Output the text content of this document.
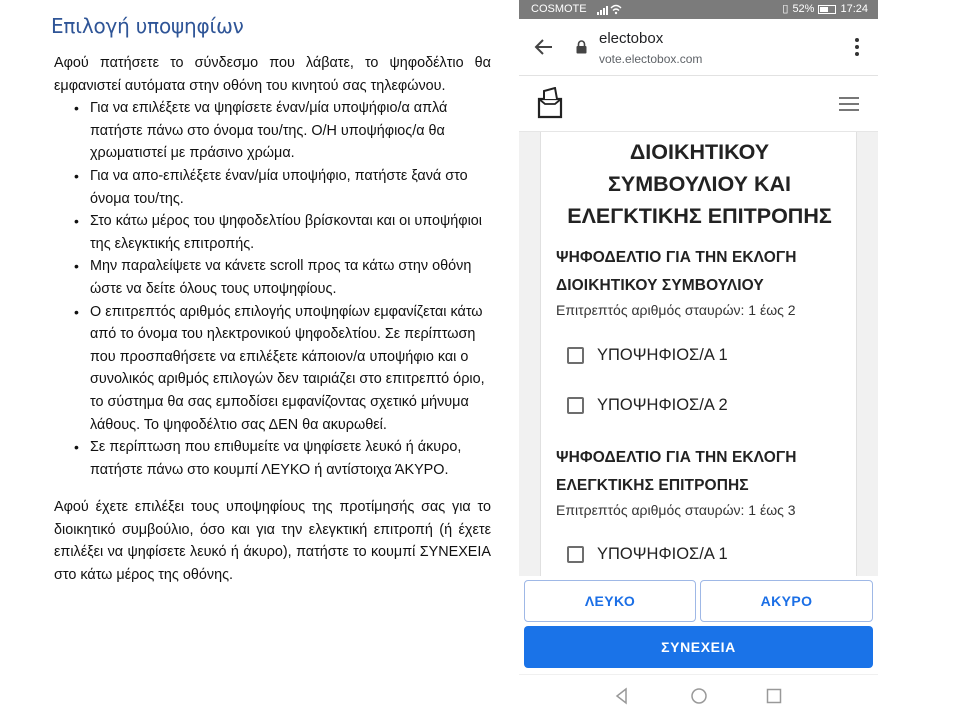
Επιλογή υποψηφίων

Αφού πατήσετε το σύνδεσμο που λάβατε, το ψηφοδέλτιο θα εμφανιστεί αυτόματα στην οθόνη του κινητού σας τηλεφώνου.

• Για να επιλέξετε να ψηφίσετε έναν/μία υποψήφιο/α απλά πατήστε πάνω στο όνομα του/της. Ο/Η υποψήφιος/α θα χρωματιστεί με πράσινο χρώμα.
• Για να απο-επιλέξετε έναν/μία υποψήφιο, πατήστε ξανά στο όνομα του/της.
• Στο κάτω μέρος του ψηφοδελτίου βρίσκονται και οι υποψήφιοι της ελεγκτικής επιτροπής.
• Μην παραλείψετε να κάνετε scroll προς τα κάτω στην οθόνη ώστε να δείτε όλους τους υποψηφίους.
• Ο επιτρεπτός αριθμός επιλογής υποψηφίων εμφανίζεται κάτω από το όνομα του ηλεκτρονικού ψηφοδελτίου. Σε περίπτωση που προσπαθήσετε να επιλέξετε κάποιον/α υποψήφιο και ο συνολικός αριθμός επιλογών δεν ταιριάζει στο επιτρεπτό όριο, το σύστημα θα σας εμποδίσει εμφανίζοντας σχετικό μήνυμα λάθους. Το ψηφοδέλτιο σας ΔΕΝ θα ακυρωθεί.
• Σε περίπτωση που επιθυμείτε να ψηφίσετε λευκό ή άκυρο, πατήστε πάνω στο κουμπί ΛΕΥΚΟ ή αντίστοιχα ΆΚΥΡΟ.

Αφού έχετε επιλέξει τους υποψηφίους της προτίμησής σας για το διοικητικό συμβούλιο, όσο και για την ελεγκτική επιτροπή (ή έχετε επιλέξει να ψηφίσετε λευκό ή άκυρο), πατήστε το κουμπί ΣΥΝΕΧΕΙΑ στο κάτω μέρος της οθόνης.

COSMOTE	▯ 52% 17:24
electobox
vote.electobox.com
ΔΙΟΙΚΗΤΙΚΟΥ
ΣΥΜΒΟΥΛΙΟΥ ΚΑΙ
ΕΛΕΓΚΤΙΚΗΣ ΕΠΙΤΡΟΠΗΣ
ΨΗΦΟΔΕΛΤΙΟ ΓΙΑ ΤΗΝ ΕΚΛΟΓΗ
ΔΙΟΙΚΗΤΙΚΟΥ ΣΥΜΒΟΥΛΙΟΥ
Επιτρεπτός αριθμός σταυρών: 1 έως 2
ΥΠΟΨΗΦΙΟΣ/Α 1
ΥΠΟΨΗΦΙΟΣ/Α 2
ΨΗΦΟΔΕΛΤΙΟ ΓΙΑ ΤΗΝ ΕΚΛΟΓΗ
ΕΛΕΓΚΤΙΚΗΣ ΕΠΙΤΡΟΠΗΣ
Επιτρεπτός αριθμός σταυρών: 1 έως 3
ΥΠΟΨΗΦΙΟΣ/Α 1
ΛΕΥΚΟ	ΑΚΥΡΟ
ΣΥΝΕΧΕΙΑ
